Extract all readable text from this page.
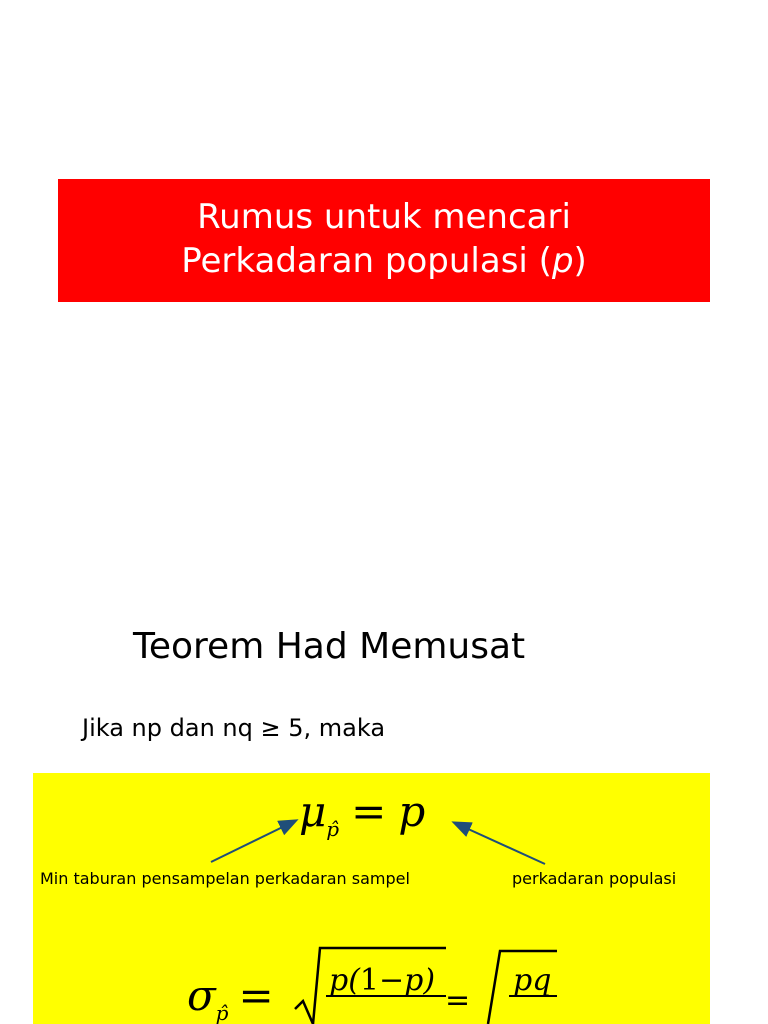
Rumus untuk mencari
Perkadaran populasi (p)
Teorem Had Memusat
Jika np dan nq ≥ 5, maka
$\mu_{p̂} = p$
Min taburan pensampelan perkadaran sampel	perkadaran populasi
$\sigma_{p̂}$ =	p(1−p)
=
pq
